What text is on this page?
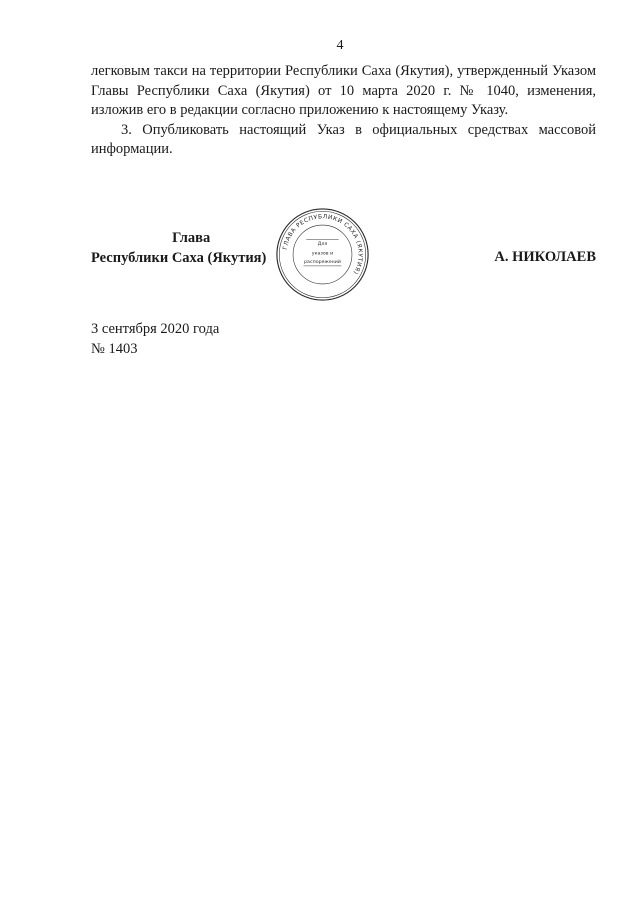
4

легковым такси на территории Республики Саха (Якутия), утвержденный Указом Главы Республики Саха (Якутия) от 10 марта 2020 г. № 1040, изменения, изложив его в редакции согласно приложению к настоящему Указу.

3. Опубликовать настоящий Указ в официальных средствах массовой информации.

Глава
Республики Саха (Якутия)	А. НИКОЛАЕВ
ГЛАВА РЕСПУБЛИКИ САХА (ЯКУТИЯ)
Для
указов и
распоряжений
3 сентября 2020 года
№ 1403
